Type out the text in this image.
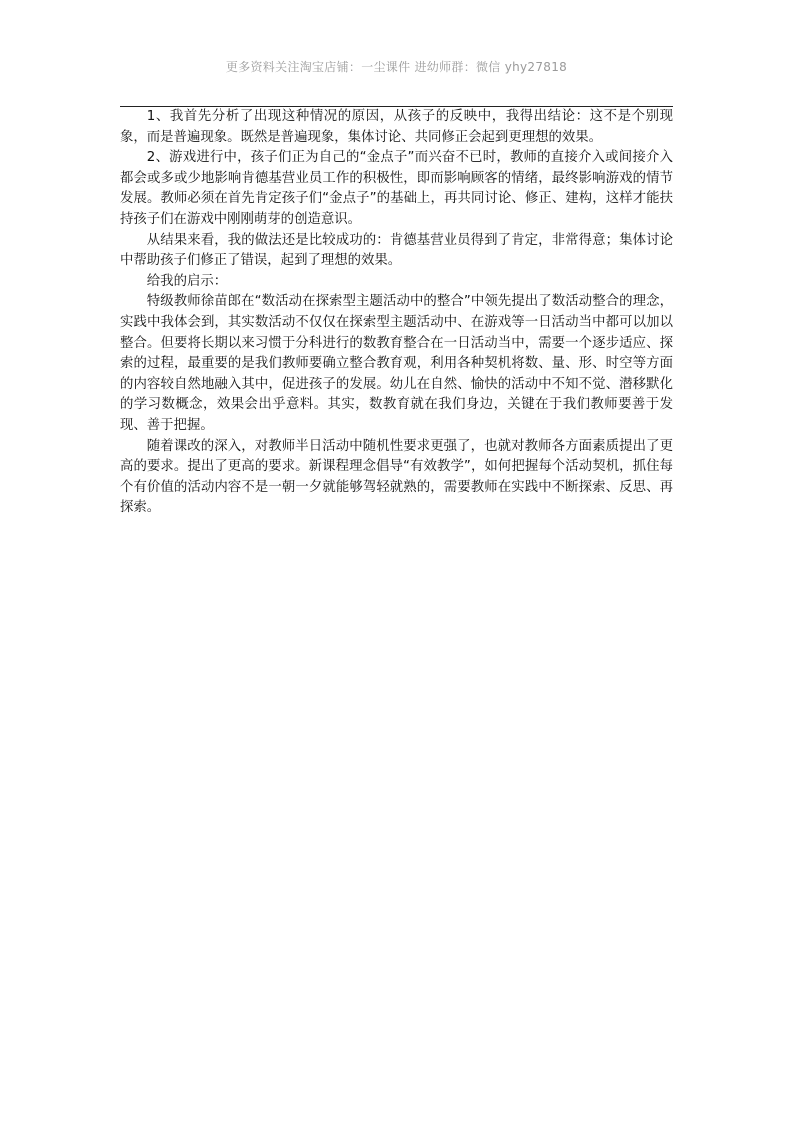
更多资料关注淘宝店铺：一尘课件 进幼师群：微信 yhy27818

1、我首先分析了出现这种情况的原因，从孩子的反映中，我得出结论：这不是个别现象，而是普遍现象。既然是普遍现象，集体讨论、共同修正会起到更理想的效果。

2、游戏进行中，孩子们正为自己的“金点子”而兴奋不已时，教师的直接介入或间接介入都会或多或少地影响肯德基营业员工作的积极性，即而影响顾客的情绪，最终影响游戏的情节发展。教师必须在首先肯定孩子们“金点子”的基础上，再共同讨论、修正、建构，这样才能扶持孩子们在游戏中刚刚萌芽的创造意识。

从结果来看，我的做法还是比较成功的：肯德基营业员得到了肯定，非常得意；集体讨论中帮助孩子们修正了错误，起到了理想的效果。

给我的启示：

特级教师徐苗郎在“数活动在探索型主题活动中的整合”中领先提出了数活动整合的理念，实践中我体会到，其实数活动不仅仅在探索型主题活动中、在游戏等一日活动当中都可以加以整合。但要将长期以来习惯于分科进行的数教育整合在一日活动当中，需要一个逐步适应、探索的过程，最重要的是我们教师要确立整合教育观，利用各种契机将数、量、形、时空等方面的内容较自然地融入其中，促进孩子的发展。幼儿在自然、愉快的活动中不知不觉、潜移默化的学习数概念，效果会出乎意料。其实，数教育就在我们身边，关键在于我们教师要善于发现、善于把握。

随着课改的深入，对教师半日活动中随机性要求更强了，也就对教师各方面素质提出了更高的要求。提出了更高的要求。新课程理念倡导“有效教学”，如何把握每个活动契机，抓住每个有价值的活动内容不是一朝一夕就能够驾轻就熟的，需要教师在实践中不断探索、反思、再探索。
